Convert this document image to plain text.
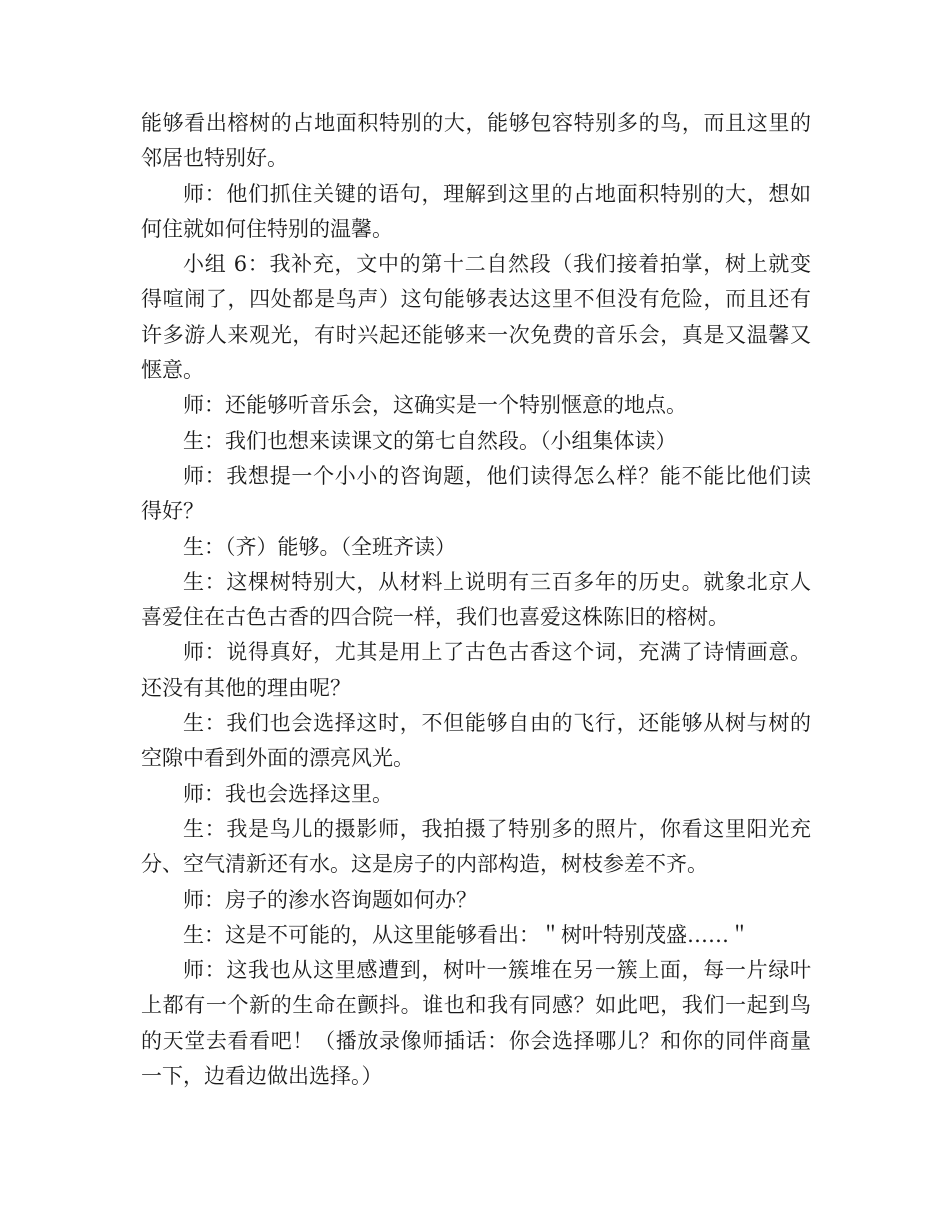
能够看出榕树的占地面积特别的大，能够包容特别多的鸟，而且这里的邻居也特别好。

师：他们抓住关键的语句，理解到这里的占地面积特别的大，想如何住就如何住特别的温馨。

小组 6：我补充，文中的第十二自然段（我们接着拍掌，树上就变得喧闹了，四处都是鸟声）这句能够表达这里不但没有危险，而且还有许多游人来观光，有时兴起还能够来一次免费的音乐会，真是又温馨又惬意。

师：还能够听音乐会，这确实是一个特别惬意的地点。

生：我们也想来读课文的第七自然段。（小组集体读）

师：我想提一个小小的咨询题，他们读得怎么样？能不能比他们读得好？

生：（齐）能够。（全班齐读）

生：这棵树特别大，从材料上说明有三百多年的历史。就象北京人喜爱住在古色古香的四合院一样，我们也喜爱这株陈旧的榕树。

师：说得真好，尤其是用上了古色古香这个词，充满了诗情画意。还没有其他的理由呢？

生：我们也会选择这时，不但能够自由的飞行，还能够从树与树的空隙中看到外面的漂亮风光。

师：我也会选择这里。

生：我是鸟儿的摄影师，我拍摄了特别多的照片，你看这里阳光充分、空气清新还有水。这是房子的内部构造，树枝参差不齐。

师：房子的渗水咨询题如何办？

生：这是不可能的，从这里能够看出：＂树叶特别茂盛……＂

师：这我也从这里感遭到，树叶一簇堆在另一簇上面，每一片绿叶上都有一个新的生命在颤抖。谁也和我有同感？如此吧，我们一起到鸟的天堂去看看吧！（播放录像师插话：你会选择哪儿？和你的同伴商量一下，边看边做出选择。）
